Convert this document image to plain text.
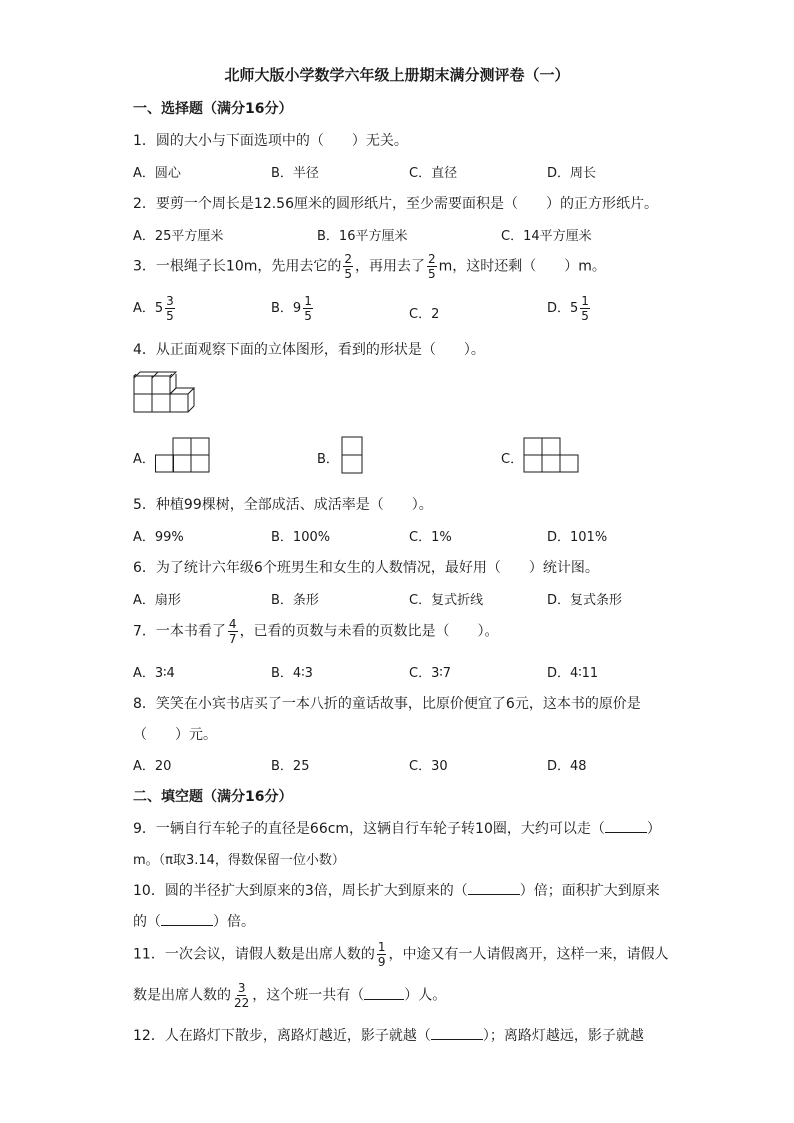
北师大版小学数学六年级上册期末满分测评卷（一）
一、选择题（满分16分）
1．圆的大小与下面选项中的（　　）无关。
A．圆心	B．半径	C．直径	D．周长
2．要剪一个周长是12.56厘米的圆形纸片，至少需要面积是（　　）的正方形纸片。
A．25平方厘米	B．16平方厘米	C．14平方厘米
3．一根绳子长10m，先用去它的 $\frac{2}{5}$ ，再用去了 $\frac{2}{5}$ m，这时还剩（　　）m。
A．$5 \frac{3}{5}$	B．$9 \frac{1}{5}$	C．2	D．$5 \frac{1}{5}$
4．从正面观察下面的立体图形，看到的形状是（　　）。
A．	B．	C．
5．种植99棵树，全部成活、成活率是（　　）。
A．99%	B．100%	C．1%	D．101%
6．为了统计六年级6个班男生和女生的人数情况，最好用（　　）统计图。
A．扇形	B．条形	C．复式折线	D．复式条形
7．一本书看了 $\frac{4}{7}$ ，已看的页数与未看的页数比是（　　）。
A．3∶4	B．4∶3	C．3∶7	D．4∶11
8．笑笑在小宾书店买了一本八折的童话故事，比原价便宜了6元，这本书的原价是
（　　）元。
A．20	B．25	C．30	D．48
二、填空题（满分16分）
9．一辆自行车轮子的直径是66cm，这辆自行车轮子转10圈，大约可以走（	）
m。（π取3.14，得数保留一位小数）
10．圆的半径扩大到原来的3倍，周长扩大到原来的（	）倍；面积扩大到原来
的（	）倍。
11．一次会议，请假人数是出席人数的 $\frac{1}{9}$ ，中途又有一人请假离开，这样一来，请假人
数是出席人数的 $\frac{3}{22}$ ，这个班一共有（	）人。
12．人在路灯下散步，离路灯越近，影子就越（	）；离路灯越远，影子就越
